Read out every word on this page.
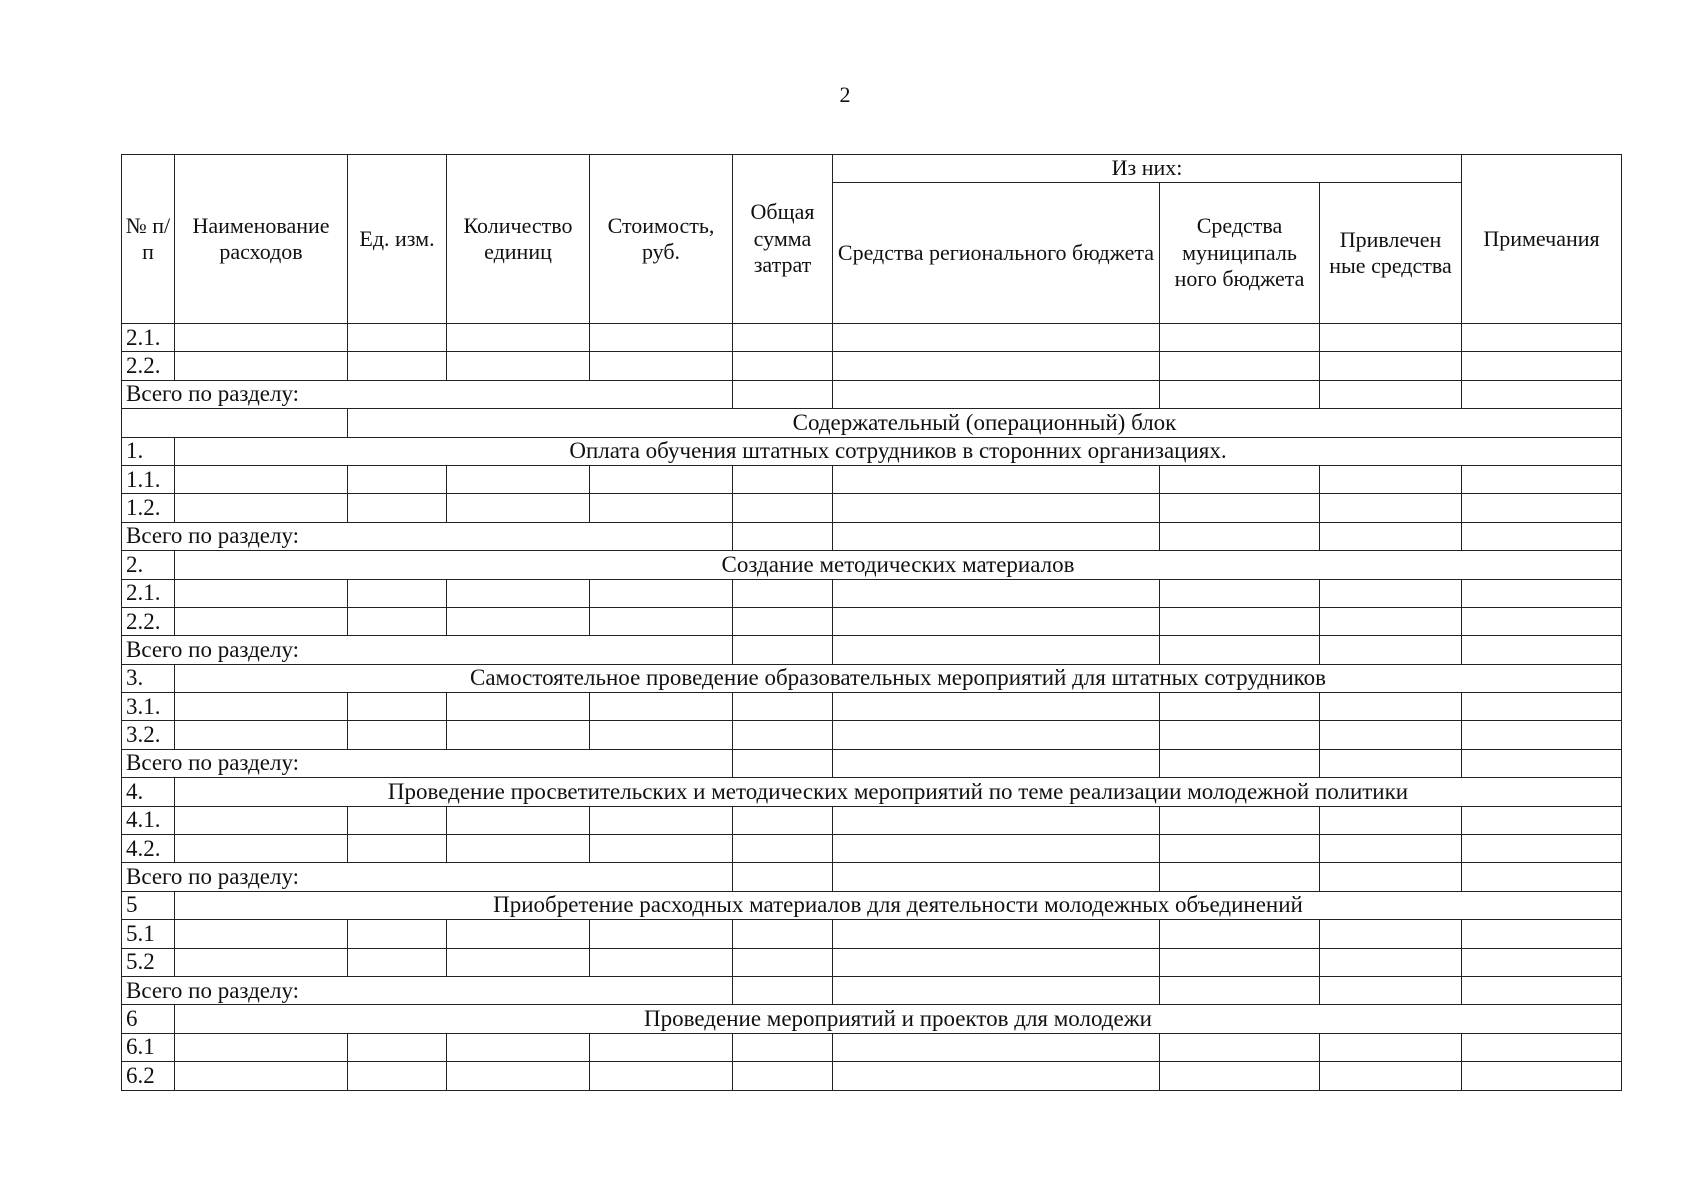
2
№ п/п	Наименование расходов	Ед. изм.	Количество единиц	Стоимость, руб.	Общая сумма затрат	Из них:			Примечания
						Средства регионального бюджета	Средства муниципаль ного бюджета	Привлечен ные средства	
2.1.									
2.2.									
Всего по разделу:									
		Содержательный (операционный) блок							
1.	Оплата обучения штатных сотрудников в сторонних организациях.								
1.1.									
1.2.									
Всего по разделу:									
2.	Создание методических материалов								
2.1.									
2.2.									
Всего по разделу:									
3.	Самостоятельное проведение образовательных мероприятий для штатных сотрудников								
3.1.									
3.2.									
Всего по разделу:									
4.	Проведение просветительских и методических мероприятий по теме реализации молодежной политики								
4.1.									
4.2.									
Всего по разделу:									
5	Приобретение расходных материалов для деятельности молодежных объединений								
5.1									
5.2									
Всего по разделу:									
6	Проведение мероприятий и проектов для молодежи								
6.1									
6.2									
